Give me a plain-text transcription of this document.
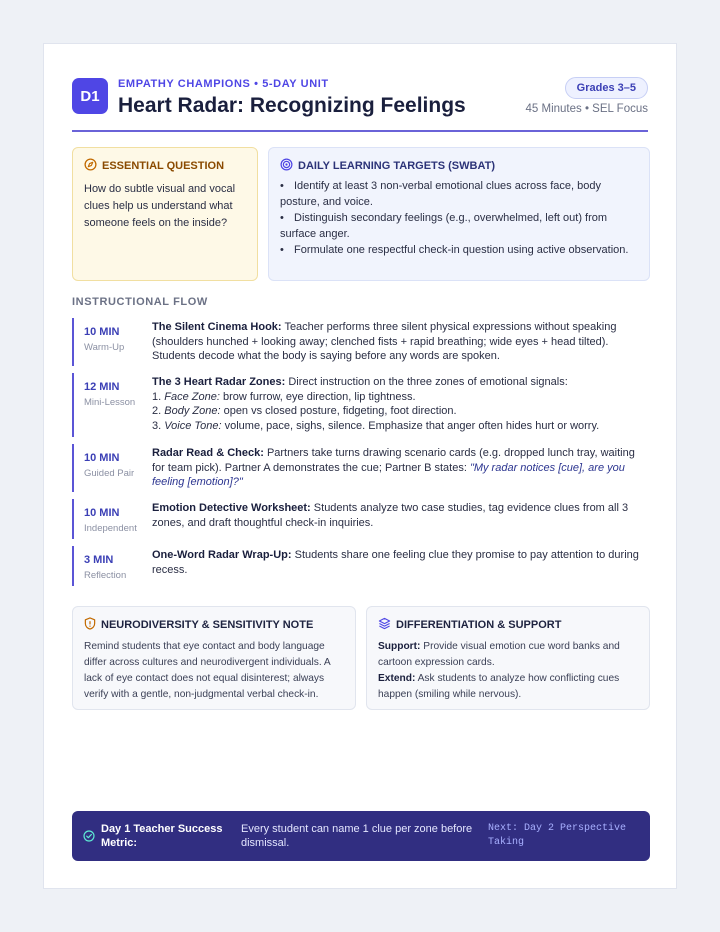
D1
EMPATHY CHAMPIONS • 5-DAY UNIT
Heart Radar: Recognizing Feelings
Grades 3–5
45 Minutes • SEL Focus
ESSENTIAL QUESTION
How do subtle visual and vocal clues help us understand what someone feels on the inside?
DAILY LEARNING TARGETS (SWBAT)
• Identify at least 3 non-verbal emotional clues across face, body posture, and voice.
• Distinguish secondary feelings (e.g., overwhelmed, left out) from surface anger.
• Formulate one respectful check-in question using active observation.
INSTRUCTIONAL FLOW
10 MIN
Warm-Up
The Silent Cinema Hook: Teacher performs three silent physical expressions without speaking (shoulders hunched + looking away; clenched fists + rapid breathing; wide eyes + head tilted). Students decode what the body is saying before any words are spoken.
12 MIN
Mini-Lesson
The 3 Heart Radar Zones: Direct instruction on the three zones of emotional signals:
1. Face Zone: brow furrow, eye direction, lip tightness.
2. Body Zone: open vs closed posture, fidgeting, foot direction.
3. Voice Tone: volume, pace, sighs, silence. Emphasize that anger often hides hurt or worry.
10 MIN
Guided Pair
Radar Read & Check: Partners take turns drawing scenario cards (e.g. dropped lunch tray, waiting for team pick). Partner A demonstrates the cue; Partner B states: "My radar notices [cue], are you feeling [emotion]?"
10 MIN
Independent
Emotion Detective Worksheet: Students analyze two case studies, tag evidence clues from all 3 zones, and draft thoughtful check-in inquiries.
3 MIN
Reflection
One-Word Radar Wrap-Up: Students share one feeling clue they promise to pay attention to during recess.
NEURODIVERSITY & SENSITIVITY NOTE
Remind students that eye contact and body language differ across cultures and neurodivergent individuals. A lack of eye contact does not equal disinterest; always verify with a gentle, non-judgmental verbal check-in.
DIFFERENTIATION & SUPPORT
Support: Provide visual emotion cue word banks and cartoon expression cards.
Extend: Ask students to analyze how conflicting cues happen (smiling while nervous).
Day 1 Teacher Success Metric:
Every student can name 1 clue per zone before dismissal.
Next: Day 2 Perspective Taking
